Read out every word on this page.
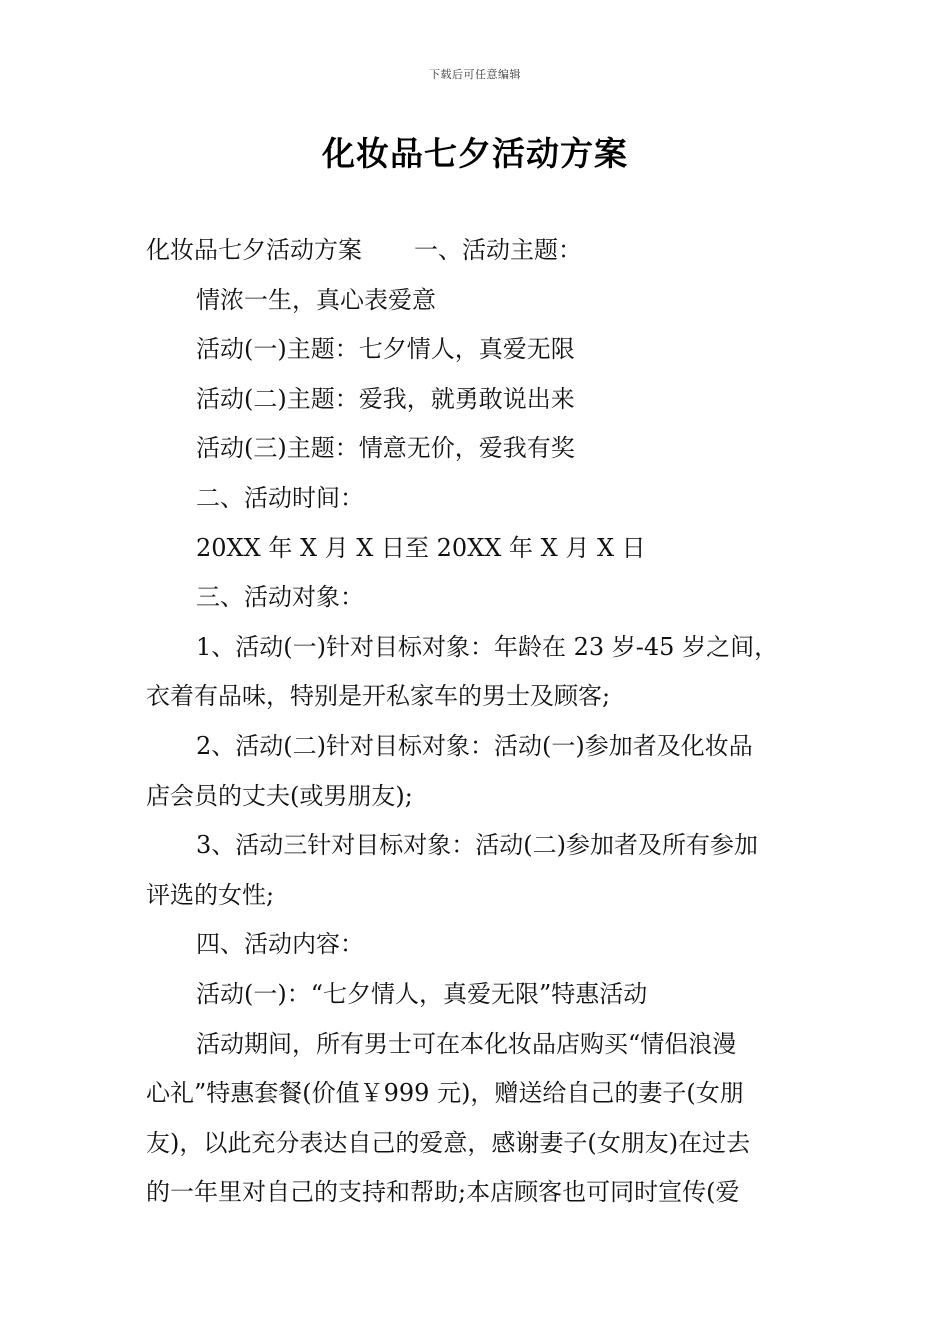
下载后可任意编辑
化妆品七夕活动方案

化妆品七夕活动方案 一、活动主题：

情浓一生，真心表爱意

活动(一)主题：七夕情人，真爱无限

活动(二)主题：爱我，就勇敢说出来

活动(三)主题：情意无价，爱我有奖

二、活动时间：

20XX 年 X 月 X 日至 20XX 年 X 月 X 日

三、活动对象：

1、活动(一)针对目标对象：年龄在 23 岁-45 岁之间，

衣着有品味，特别是开私家车的男士及顾客;

2、活动(二)针对目标对象：活动(一)参加者及化妆品

店会员的丈夫(或男朋友);

3、活动三针对目标对象：活动(二)参加者及所有参加

评选的女性;

四、活动内容：

活动(一)：“七夕情人，真爱无限”特惠活动

活动期间，所有男士可在本化妆品店购买“情侣浪漫

心礼”特惠套餐(价值￥999 元)，赠送给自己的妻子(女朋

友)，以此充分表达自己的爱意，感谢妻子(女朋友)在过去

的一年里对自己的支持和帮助;本店顾客也可同时宣传(爱
